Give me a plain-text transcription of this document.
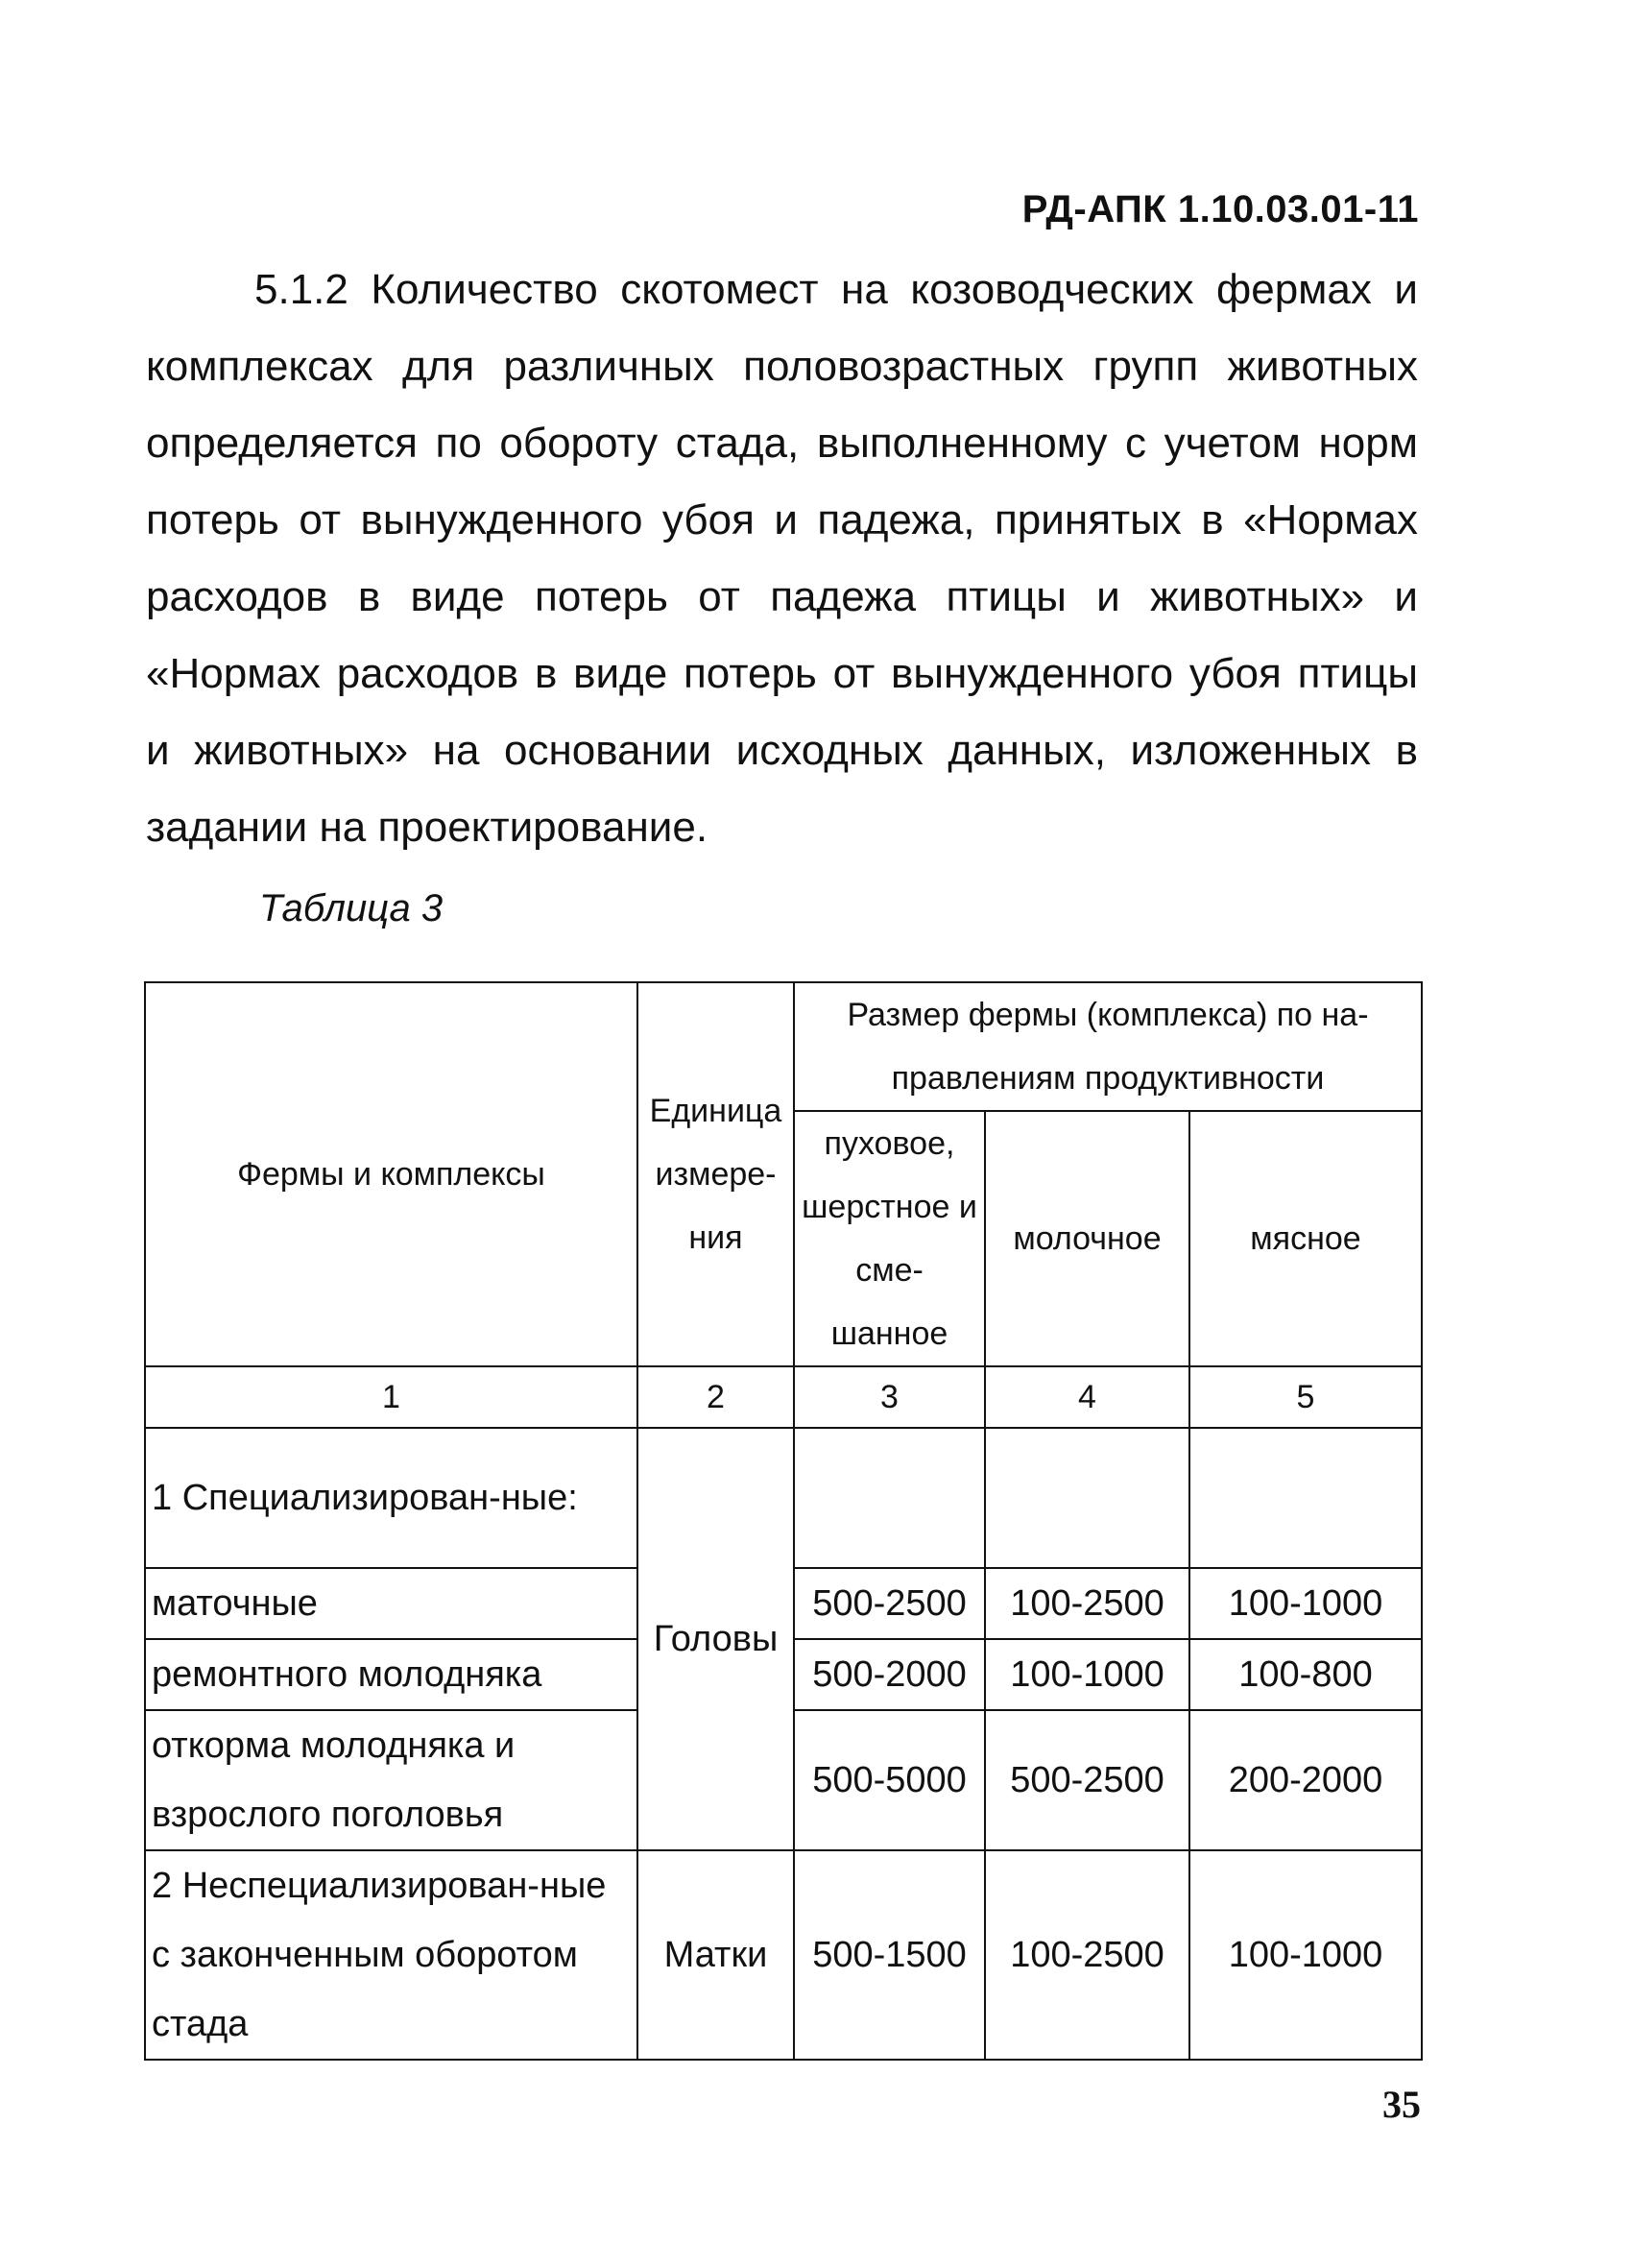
РД-АПК 1.10.03.01-11
5.1.2 Количество скотомест на козоводческих фермах и комплексах для различных половозрастных групп животных определяется по обороту стада, выполненному с учетом норм потерь от вынужденного убоя и падежа, принятых в «Нормах расходов в виде потерь от падежа птицы и животных» и «Нормах расходов в виде потерь от вынужденного убоя птицы и животных» на основании исходных данных, изложенных в задании на проектирование.
Таблица 3
Фермы и комплексы	Единица измере-ния	Размер фермы (комплекса) по на-правлениям продуктивности		
		пуховое, шерстное и сме-шанное	молочное	мясное
1	2	3	4	5
1 Специализирован-ные:	Головы			
маточные		500-2500	100-2500	100-1000
ремонтного молодняка		500-2000	100-1000	100-800
откорма молодняка и взрослого поголовья		500-5000	500-2500	200-2000
2 Неспециализирован-ные с законченным оборотом стада	Матки	500-1500	100-2500	100-1000
35
